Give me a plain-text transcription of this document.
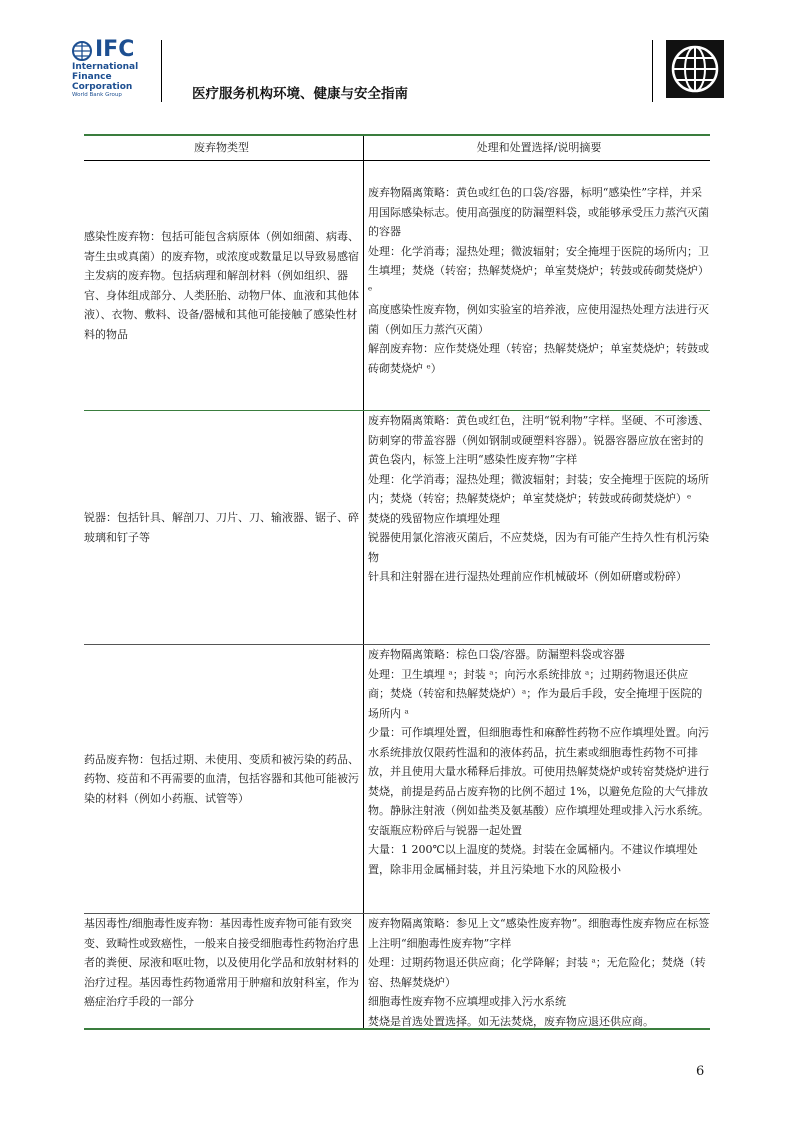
IFC
International
Finance
Corporation
World Bank Group	医疗服务机构环境、健康与安全指南
废弃物类型	处理和处置选择/说明摘要
感染性废弃物：包括可能包含病原体（例如细菌、病毒、寄生虫或真菌）的废弃物，或浓度或数量足以导致易感宿主发病的废弃物。包括病理和解剖材料（例如组织、器官、身体组成部分、人类胚胎、动物尸体、血液和其他体液）、衣物、敷料、设备/器械和其他可能接触了感染性材料的物品

废弃物隔离策略：黄色或红色的口袋/容器，标明“感染性”字样，并采用国际感染标志。使用高强度的防漏塑料袋，或能够承受压力蒸汽灭菌的容器

处理：化学消毒；湿热处理；微波辐射；安全掩埋于医院的场所内；卫生填埋；焚烧（转窑；热解焚烧炉；单室焚烧炉；转鼓或砖砌焚烧炉）ᵉ

高度感染性废弃物，例如实验室的培养液，应使用湿热处理方法进行灭菌（例如压力蒸汽灭菌）

解剖废弃物：应作焚烧处理（转窑；热解焚烧炉；单室焚烧炉；转鼓或砖砌焚烧炉 ᵉ）

锐器：包括针具、解剖刀、刀片、刀、输液器、锯子、碎玻璃和钉子等

废弃物隔离策略：黄色或红色，注明“锐利物”字样。坚硬、不可渗透、防刺穿的带盖容器（例如钢制或硬塑料容器）。锐器容器应放在密封的黄色袋内，标签上注明“感染性废弃物”字样

处理：化学消毒；湿热处理；微波辐射；封装；安全掩埋于医院的场所内；焚烧（转窑；热解焚烧炉；单室焚烧炉；转鼓或砖砌焚烧炉）ᵉ

焚烧的残留物应作填埋处理

锐器使用氯化溶液灭菌后，不应焚烧，因为有可能产生持久性有机污染物

针具和注射器在进行湿热处理前应作机械破坏（例如研磨或粉碎）

药品废弃物：包括过期、未使用、变质和被污染的药品、药物、疫苗和不再需要的血清，包括容器和其他可能被污染的材料（例如小药瓶、试管等）

废弃物隔离策略：棕色口袋/容器。防漏塑料袋或容器

处理：卫生填埋 ᵃ；封装 ᵃ；向污水系统排放 ᵃ；过期药物退还供应商；焚烧（转窑和热解焚烧炉）ᵃ；作为最后手段，安全掩埋于医院的场所内 ᵃ

少量：可作填埋处置，但细胞毒性和麻醉性药物不应作填埋处置。向污水系统排放仅限药性温和的液体药品，抗生素或细胞毒性药物不可排放，并且使用大量水稀释后排放。可使用热解焚烧炉或转窑焚烧炉进行焚烧，前提是药品占废弃物的比例不超过 1%，以避免危险的大气排放物。静脉注射液（例如盐类及氨基酸）应作填埋处理或排入污水系统。安瓿瓶应粉碎后与锐器一起处置

大量：1 200℃以上温度的焚烧。封装在金属桶内。不建议作填埋处置，除非用金属桶封装，并且污染地下水的风险极小

基因毒性/细胞毒性废弃物：基因毒性废弃物可能有致突变、致畸性或致癌性，一般来自接受细胞毒性药物治疗患者的粪便、尿液和呕吐物，以及使用化学品和放射材料的治疗过程。基因毒性药物通常用于肿瘤和放射科室，作为癌症治疗手段的一部分

废弃物隔离策略：参见上文“感染性废弃物”。细胞毒性废弃物应在标签上注明“细胞毒性废弃物”字样

处理：过期药物退还供应商；化学降解；封装 ᵃ；无危险化；焚烧（转窑、热解焚烧炉）

细胞毒性废弃物不应填埋或排入污水系统

焚烧是首选处置选择。如无法焚烧，废弃物应退还供应商。

6
